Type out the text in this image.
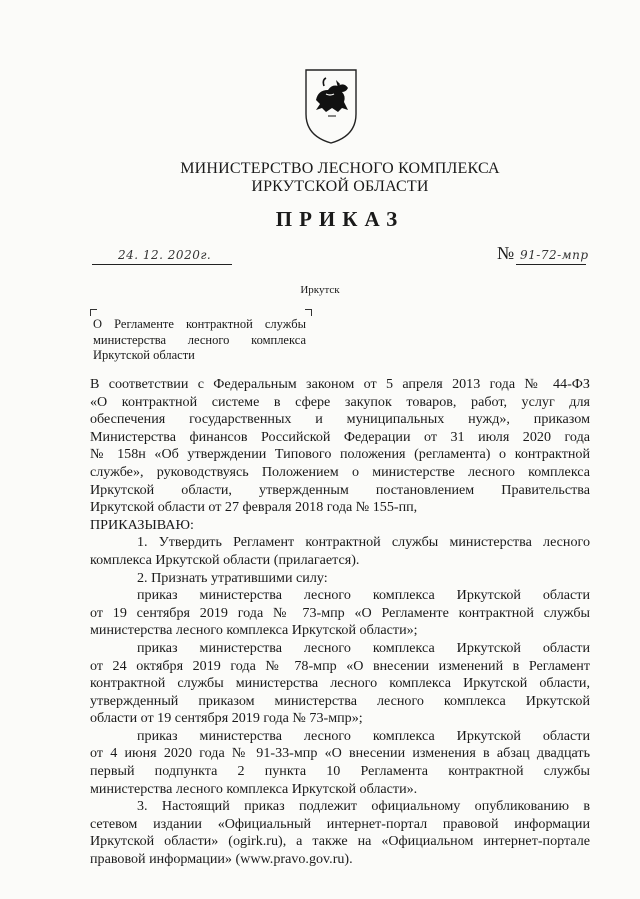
МИНИСТЕРСТВО ЛЕСНОГО КОМПЛЕКСА
ИРКУТСКОЙ ОБЛАСТИ
ПРИКАЗ
24. 12. 2020г.	№ 91-72-мпр
Иркутск
О Регламенте контрактной службы
министерства лесного комплекса
Иркутской области

В соответствии с Федеральным законом от 5 апреля 2013 года № 44-ФЗ
«О контрактной системе в сфере закупок товаров, работ, услуг для
обеспечения государственных и муниципальных нужд», приказом
Министерства финансов Российской Федерации от 31 июля 2020 года
№ 158н «Об утверждении Типового положения (регламента) о контрактной
службе», руководствуясь Положением о министерстве лесного комплекса
Иркутской области, утвержденным постановлением Правительства
Иркутской области от 27 февраля 2018 года № 155-пп,

ПРИКАЗЫВАЮ:

1. Утвердить Регламент контрактной службы министерства лесного
комплекса Иркутской области (прилагается).

2. Признать утратившими силу:

приказ министерства лесного комплекса Иркутской области
от 19 сентября 2019 года № 73-мпр «О Регламенте контрактной службы
министерства лесного комплекса Иркутской области»;

приказ министерства лесного комплекса Иркутской области
от 24 октября 2019 года № 78-мпр «О внесении изменений в Регламент
контрактной службы министерства лесного комплекса Иркутской области,
утвержденный приказом министерства лесного комплекса Иркутской
области от 19 сентября 2019 года № 73-мпр»;

приказ министерства лесного комплекса Иркутской области
от 4 июня 2020 года № 91-33-мпр «О внесении изменения в абзац двадцать
первый подпункта 2 пункта 10 Регламента контрактной службы
министерства лесного комплекса Иркутской области».

3. Настоящий приказ подлежит официальному опубликованию в
сетевом издании «Официальный интернет-портал правовой информации
Иркутской области» (ogirk.ru), а также на «Официальном интернет-портале
правовой информации» (www.pravo.gov.ru).
